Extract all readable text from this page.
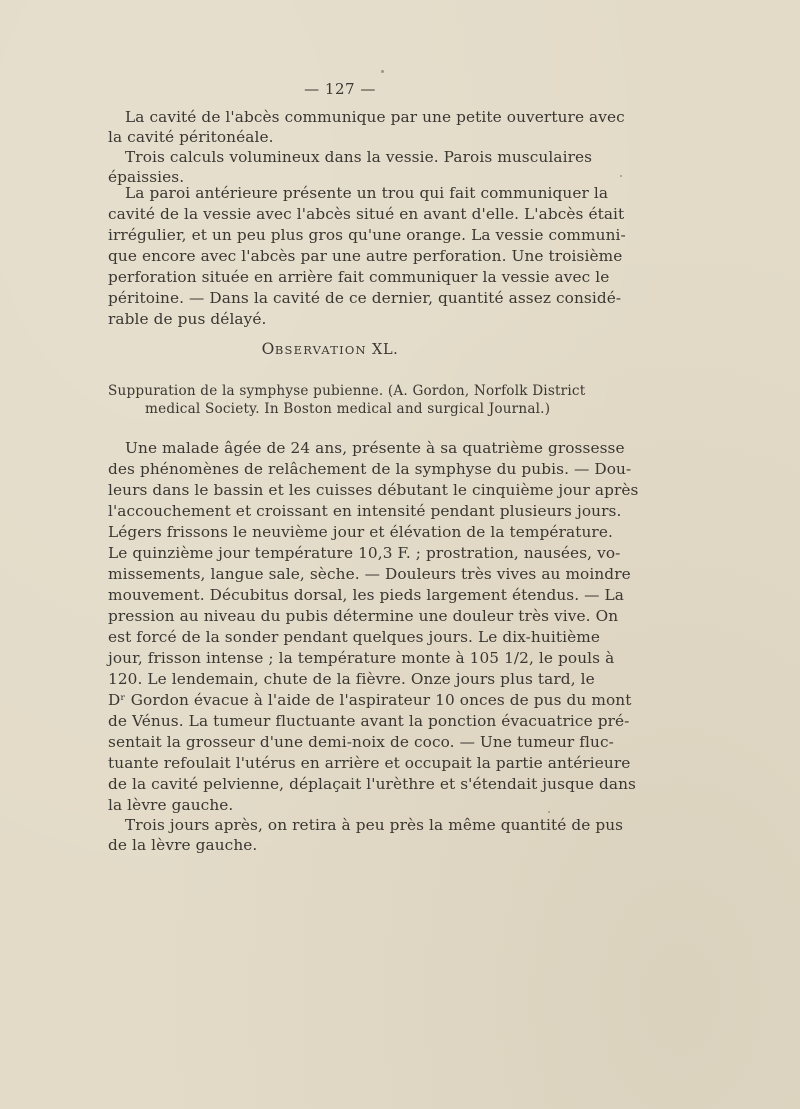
— 127 —
La cavité de l'abcès communique par une petite ouverture avec
la cavité péritonéale.
Trois calculs volumineux dans la vessie. Parois musculaires
épaissies.
La paroi antérieure présente un trou qui fait communiquer la
cavité de la vessie avec l'abcès situé en avant d'elle. L'abcès était
irrégulier, et un peu plus gros qu'une orange. La vessie communi-
que encore avec l'abcès par une autre perforation. Une troisième
perforation située en arrière fait communiquer la vessie avec le
péritoine. — Dans la cavité de ce dernier, quantité assez considé-
rable de pus délayé.
OBSERVATION XL.
Suppuration de la symphyse pubienne. (A. Gordon, Norfolk District
medical Society. In Boston medical and surgical Journal.)
Une malade âgée de 24 ans, présente à sa quatrième grossesse
des phénomènes de relâchement de la symphyse du pubis. — Dou-
leurs dans le bassin et les cuisses débutant le cinquième jour après
l'accouchement et croissant en intensité pendant plusieurs jours.
Légers frissons le neuvième jour et élévation de la température.
Le quinzième jour température 10,3 F. ; prostration, nausées, vo-
missements, langue sale, sèche. — Douleurs très vives au moindre
mouvement. Décubitus dorsal, les pieds largement étendus. — La
pression au niveau du pubis détermine une douleur très vive. On
est forcé de la sonder pendant quelques jours. Le dix-huitième
jour, frisson intense ; la température monte à 105 1/2, le pouls à
120. Le lendemain, chute de la fièvre. Onze jours plus tard, le
Dʳ Gordon évacue à l'aide de l'aspirateur 10 onces de pus du mont
de Vénus. La tumeur fluctuante avant la ponction évacuatrice pré-
sentait la grosseur d'une demi-noix de coco. — Une tumeur fluc-
tuante refoulait l'utérus en arrière et occupait la partie antérieure
de la cavité pelvienne, déplaçait l'urèthre et s'étendait jusque dans
la lèvre gauche.
Trois jours après, on retira à peu près la même quantité de pus
de la lèvre gauche.
